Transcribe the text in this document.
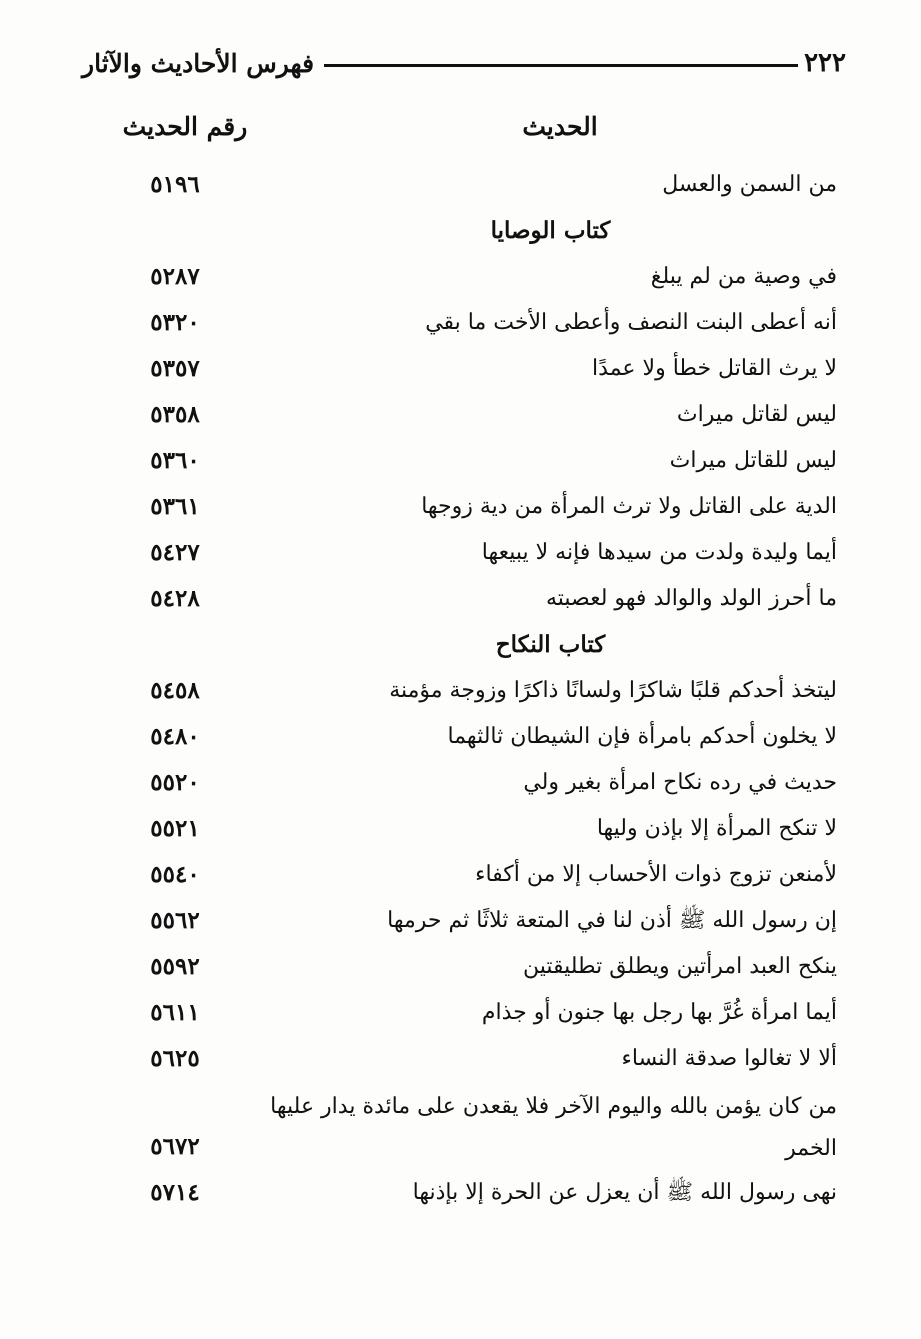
٢٢٢
فهرس الأحاديث والآثار
الحديث
رقم الحديث
من السمن والعسل
٥١٩٦
كتاب الوصايا
في وصية من لم يبلغ
٥٢٨٧
أنه أعطى البنت النصف وأعطى الأخت ما بقي
٥٣٢٠
لا يرث القاتل خطأ ولا عمدًا
٥٣٥٧
ليس لقاتل ميراث
٥٣٥٨
ليس للقاتل ميراث
٥٣٦٠
الدية على القاتل ولا ترث المرأة من دية زوجها
٥٣٦١
أيما وليدة ولدت من سيدها فإنه لا يبيعها
٥٤٢٧
ما أحرز الولد والوالد فهو لعصبته
٥٤٢٨
كتاب النكاح
ليتخذ أحدكم قلبًا شاكرًا ولسانًا ذاكرًا وزوجة مؤمنة
٥٤٥٨
لا يخلون أحدكم بامرأة فإن الشيطان ثالثهما
٥٤٨٠
حديث في رده نكاح امرأة بغير ولي
٥٥٢٠
لا تنكح المرأة إلا بإذن وليها
٥٥٢١
لأمنعن تزوج ذوات الأحساب إلا من أكفاء
٥٥٤٠
إن رسول الله ﷺ أذن لنا في المتعة ثلاثًا ثم حرمها
٥٥٦٢
ينكح العبد امرأتين ويطلق تطليقتين
٥٥٩٢
أيما امرأة غُرَّ بها رجل بها جنون أو جذام
٥٦١١
ألا لا تغالوا صدقة النساء
٥٦٢٥
من كان يؤمن بالله واليوم الآخر فلا يقعدن على مائدة يدار عليها الخمر
٥٦٧٢
نهى رسول الله ﷺ أن يعزل عن الحرة إلا بإذنها
٥٧١٤
